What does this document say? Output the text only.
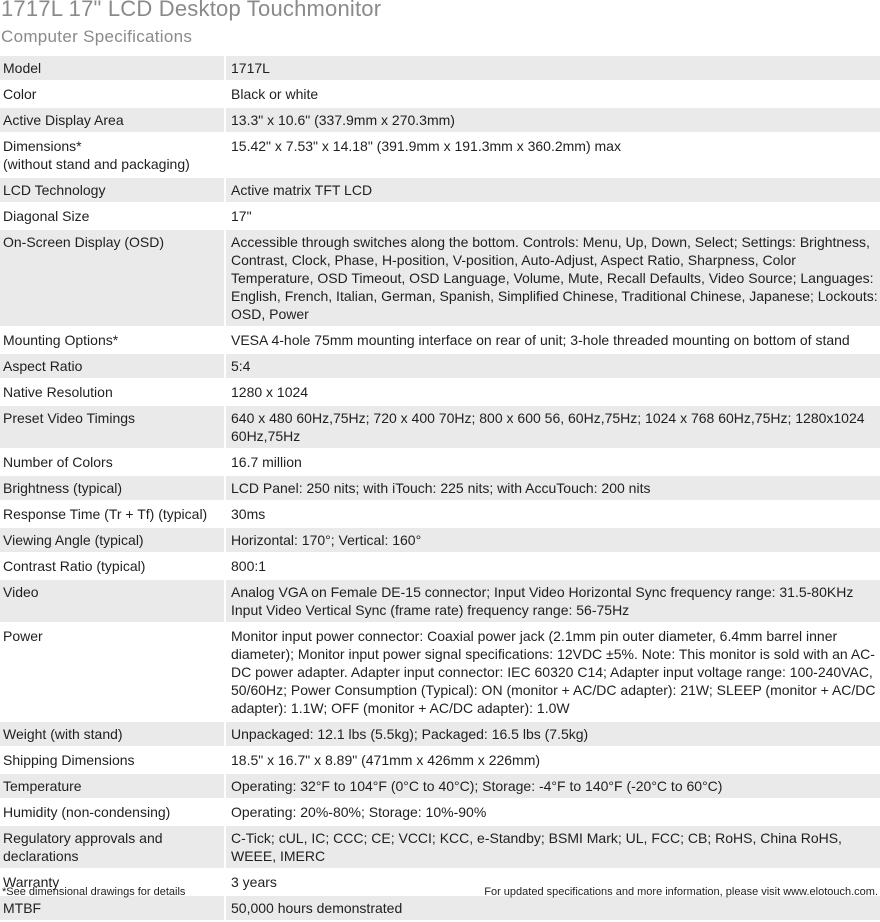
1717L 17" LCD Desktop Touchmonitor
Computer Specifications
Model	1717L
Color	Black or white
Active Display Area	13.3" x 10.6" (337.9mm x 270.3mm)
Dimensions*
(without stand and packaging)	15.42" x 7.53" x 14.18" (391.9mm x 191.3mm x 360.2mm) max
LCD Technology	Active matrix TFT LCD
Diagonal Size	17"
On-Screen Display (OSD)	Accessible through switches along the bottom. Controls: Menu, Up, Down, Select; Settings: Brightness, Contrast, Clock, Phase, H-position, V-position, Auto-Adjust, Aspect Ratio, Sharpness, Color Temperature, OSD Timeout, OSD Language, Volume, Mute, Recall Defaults, Video Source; Languages: English, French, Italian, German, Spanish, Simplified Chinese, Traditional Chinese, Japanese; Lockouts: OSD, Power
Mounting Options*	VESA 4-hole 75mm mounting interface on rear of unit; 3-hole threaded mounting on bottom of stand
Aspect Ratio	5:4
Native Resolution	1280 x 1024
Preset Video Timings	640 x 480 60Hz,75Hz; 720 x 400 70Hz; 800 x 600 56, 60Hz,75Hz; 1024 x 768 60Hz,75Hz; 1280x1024 60Hz,75Hz
Number of Colors	16.7 million
Brightness (typical)	LCD Panel: 250 nits; with iTouch: 225 nits; with AccuTouch: 200 nits
Response Time (Tr + Tf) (typical)	30ms
Viewing Angle (typical)	Horizontal: 170°; Vertical: 160°
Contrast Ratio (typical)	800:1
Video	Analog VGA on Female DE-15 connector; Input Video Horizontal Sync frequency range: 31.5-80KHz Input Video Vertical Sync (frame rate) frequency range: 56-75Hz
Power	Monitor input power connector: Coaxial power jack (2.1mm pin outer diameter, 6.4mm barrel inner diameter); Monitor input power signal specifications: 12VDC ±5%. Note: This monitor is sold with an AC-DC power adapter. Adapter input connector: IEC 60320 C14; Adapter input voltage range: 100-240VAC, 50/60Hz; Power Consumption (Typical): ON (monitor + AC/DC adapter): 21W; SLEEP (monitor + AC/DC adapter): 1.1W; OFF (monitor + AC/DC adapter): 1.0W
Weight (with stand)	Unpackaged: 12.1 lbs (5.5kg); Packaged: 16.5 lbs (7.5kg)
Shipping Dimensions	18.5" x 16.7" x 8.89" (471mm x 426mm x 226mm)
Temperature	Operating: 32°F to 104°F (0°C to 40°C); Storage: -4°F to 140°F (-20°C to 60°C)
Humidity (non-condensing)	Operating: 20%-80%; Storage: 10%-90%
Regulatory approvals and declarations	C-Tick; cUL, IC; CCC; CE; VCCI; KCC, e-Standby; BSMI Mark; UL, FCC; CB; RoHS, China RoHS, WEEE, IMERC
Warranty	3 years
MTBF	50,000 hours demonstrated
*See dimensional drawings for details	For updated specifications and more information, please visit www.elotouch.com.
